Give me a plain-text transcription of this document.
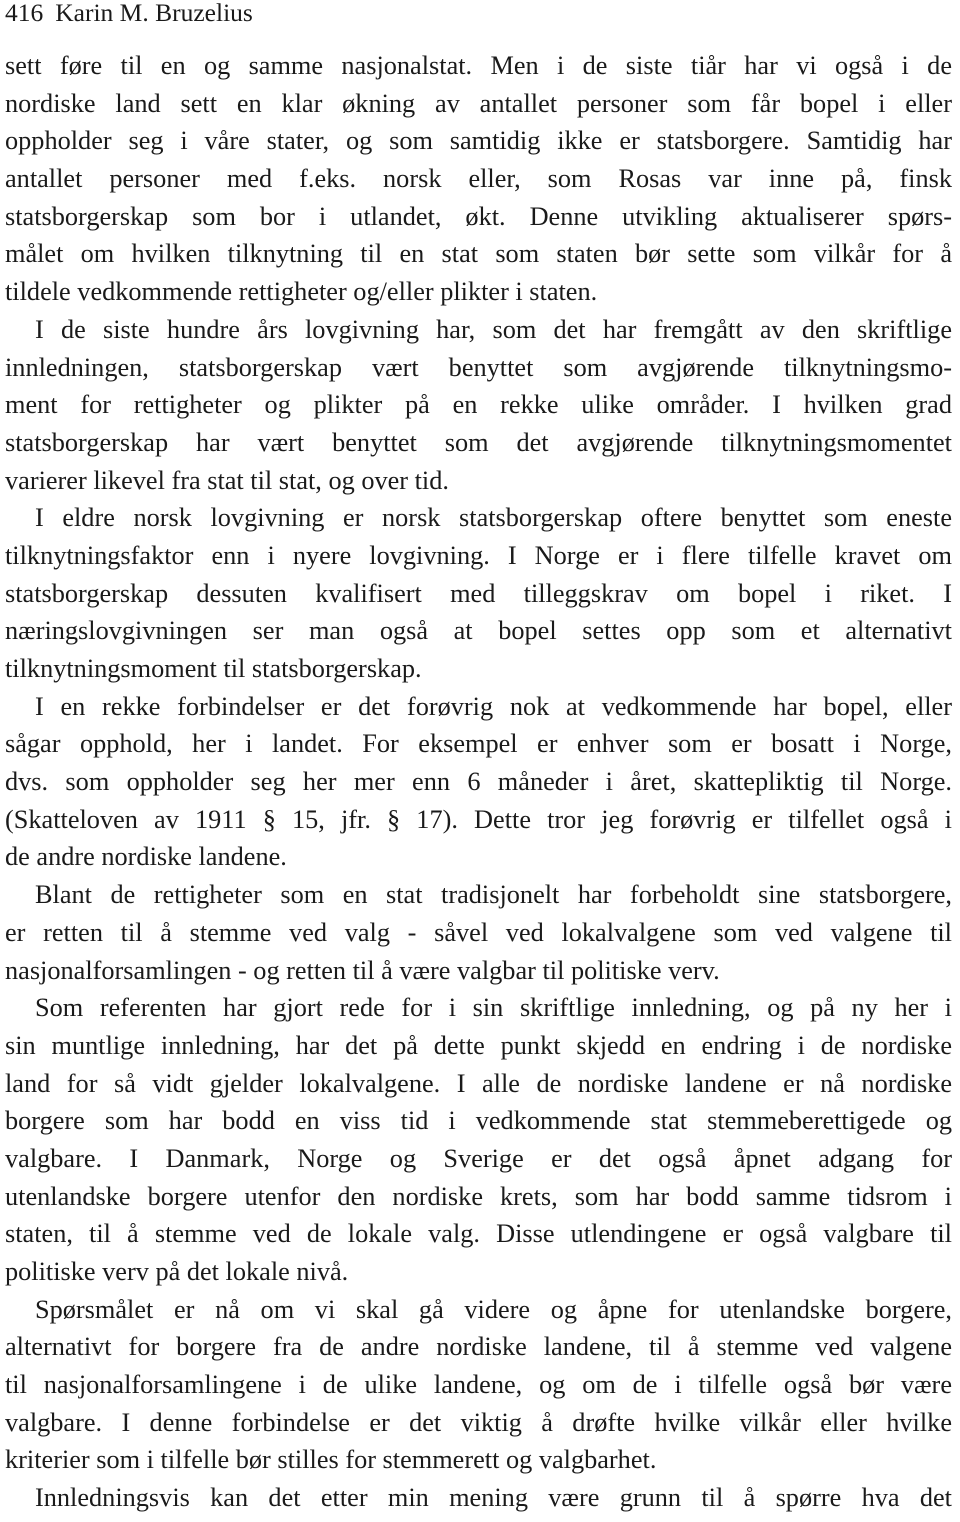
416 Karin M. Bruzelius

sett føre til en og samme nasjonalstat. Men i de siste tiår har vi også i de
nordiske land sett en klar økning av antallet personer som får bopel i eller
oppholder seg i våre stater, og som samtidig ikke er statsborgere. Samtidig har
antallet personer med f.eks. norsk eller, som Rosas var inne på, finsk
statsborgerskap som bor i utlandet, økt. Denne utvikling aktualiserer spørs-
målet om hvilken tilknytning til en stat som staten bør sette som vilkår for å
tildele vedkommende rettigheter og/eller plikter i staten.

I de siste hundre års lovgivning har, som det har fremgått av den skriftlige
innledningen, statsborgerskap vært benyttet som avgjørende tilknytningsmo-
ment for rettigheter og plikter på en rekke ulike områder. I hvilken grad
statsborgerskap har vært benyttet som det avgjørende tilknytningsmomentet
varierer likevel fra stat til stat, og over tid.

I eldre norsk lovgivning er norsk statsborgerskap oftere benyttet som eneste
tilknytningsfaktor enn i nyere lovgivning. I Norge er i flere tilfelle kravet om
statsborgerskap dessuten kvalifisert med tilleggskrav om bopel i riket. I
næringslovgivningen ser man også at bopel settes opp som et alternativt
tilknytningsmoment til statsborgerskap.

I en rekke forbindelser er det forøvrig nok at vedkommende har bopel, eller
sågar opphold, her i landet. For eksempel er enhver som er bosatt i Norge,
dvs. som oppholder seg her mer enn 6 måneder i året, skattepliktig til Norge.
(Skatteloven av 1911 § 15, jfr. § 17). Dette tror jeg forøvrig er tilfellet også i
de andre nordiske landene.

Blant de rettigheter som en stat tradisjonelt har forbeholdt sine statsborgere,
er retten til å stemme ved valg - såvel ved lokalvalgene som ved valgene til
nasjonalforsamlingen - og retten til å være valgbar til politiske verv.

Som referenten har gjort rede for i sin skriftlige innledning, og på ny her i
sin muntlige innledning, har det på dette punkt skjedd en endring i de nordiske
land for så vidt gjelder lokalvalgene. I alle de nordiske landene er nå nordiske
borgere som har bodd en viss tid i vedkommende stat stemmeberettigede og
valgbare. I Danmark, Norge og Sverige er det også åpnet adgang for
utenlandske borgere utenfor den nordiske krets, som har bodd samme tidsrom i
staten, til å stemme ved de lokale valg. Disse utlendingene er også valgbare til
politiske verv på det lokale nivå.

Spørsmålet er nå om vi skal gå videre og åpne for utenlandske borgere,
alternativt for borgere fra de andre nordiske landene, til å stemme ved valgene
til nasjonalforsamlingene i de ulike landene, og om de i tilfelle også bør være
valgbare. I denne forbindelse er det viktig å drøfte hvilke vilkår eller hvilke
kriterier som i tilfelle bør stilles for stemmerett og valgbarhet.

Innledningsvis kan det etter min mening være grunn til å spørre hva det
